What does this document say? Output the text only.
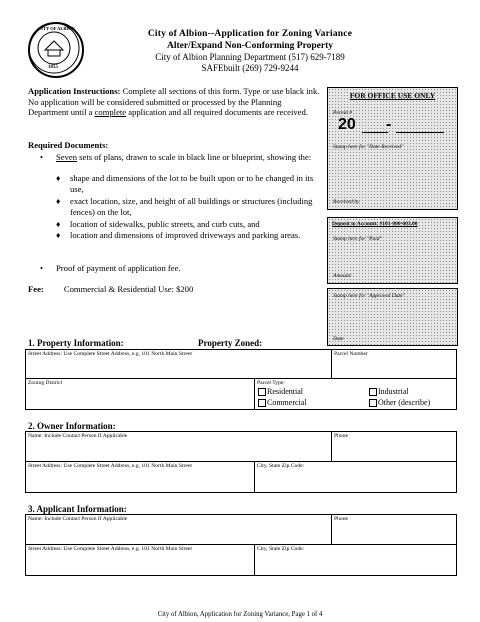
CITY OF ALBION
1855
City of Albion--Application for Zoning Variance
Alter/Expand Non-Conforming Property
City of Albion Planning Department (517) 629-7189
SAFEbuilt (269) 729-9244
Application Instructions: Complete all sections of this form. Type or use black ink. No application will be considered submitted or processed by the Planning Department until a complete application and all required documents are received.
Required Documents:
• Seven sets of plans, drawn to scale in black line or blueprint, showing the:
♦ shape and dimensions of the lot to be built upon or to be changed in its use,
♦ exact location, size, and height of all buildings or structures (including fences) on the lot,
♦ location of sidewalks, public streets, and curb cuts, and
♦ location and dimensions of improved driveways and parking areas.
• Proof of payment of application fee.
Fee: Commercial & Residential Use: $200
FOR OFFICE USE ONLY
Permit #
20 -
Stamp here for "Date Received"
Received by
Deposit to Account: #101-000-603.00
Stamp here for "Paid"
Amount:
Stamp here for "Approved Date"
Date
1. Property Information:	Property Zoned:
Street Address: Use Complete Street Address, e.g. 101 North Main Street		Parcel Number
Zoning District	Parcel Type:
Residential Industrial
Commercial Other (describe)	
2. Owner Information:
Name: Include Contact Person If Applicable		Phone
Street Address: Use Complete Street Address, e.g. 101 North Main Street	City, State Zip Code:	
3. Applicant Information:
Name: Include Contact Person If Applicable		Phone
Street Address: Use Complete Street Address, e.g. 101 North Main Street	City, State Zip Code:	
City of Albion, Application for Zoning Variance, Page 1 of 4
